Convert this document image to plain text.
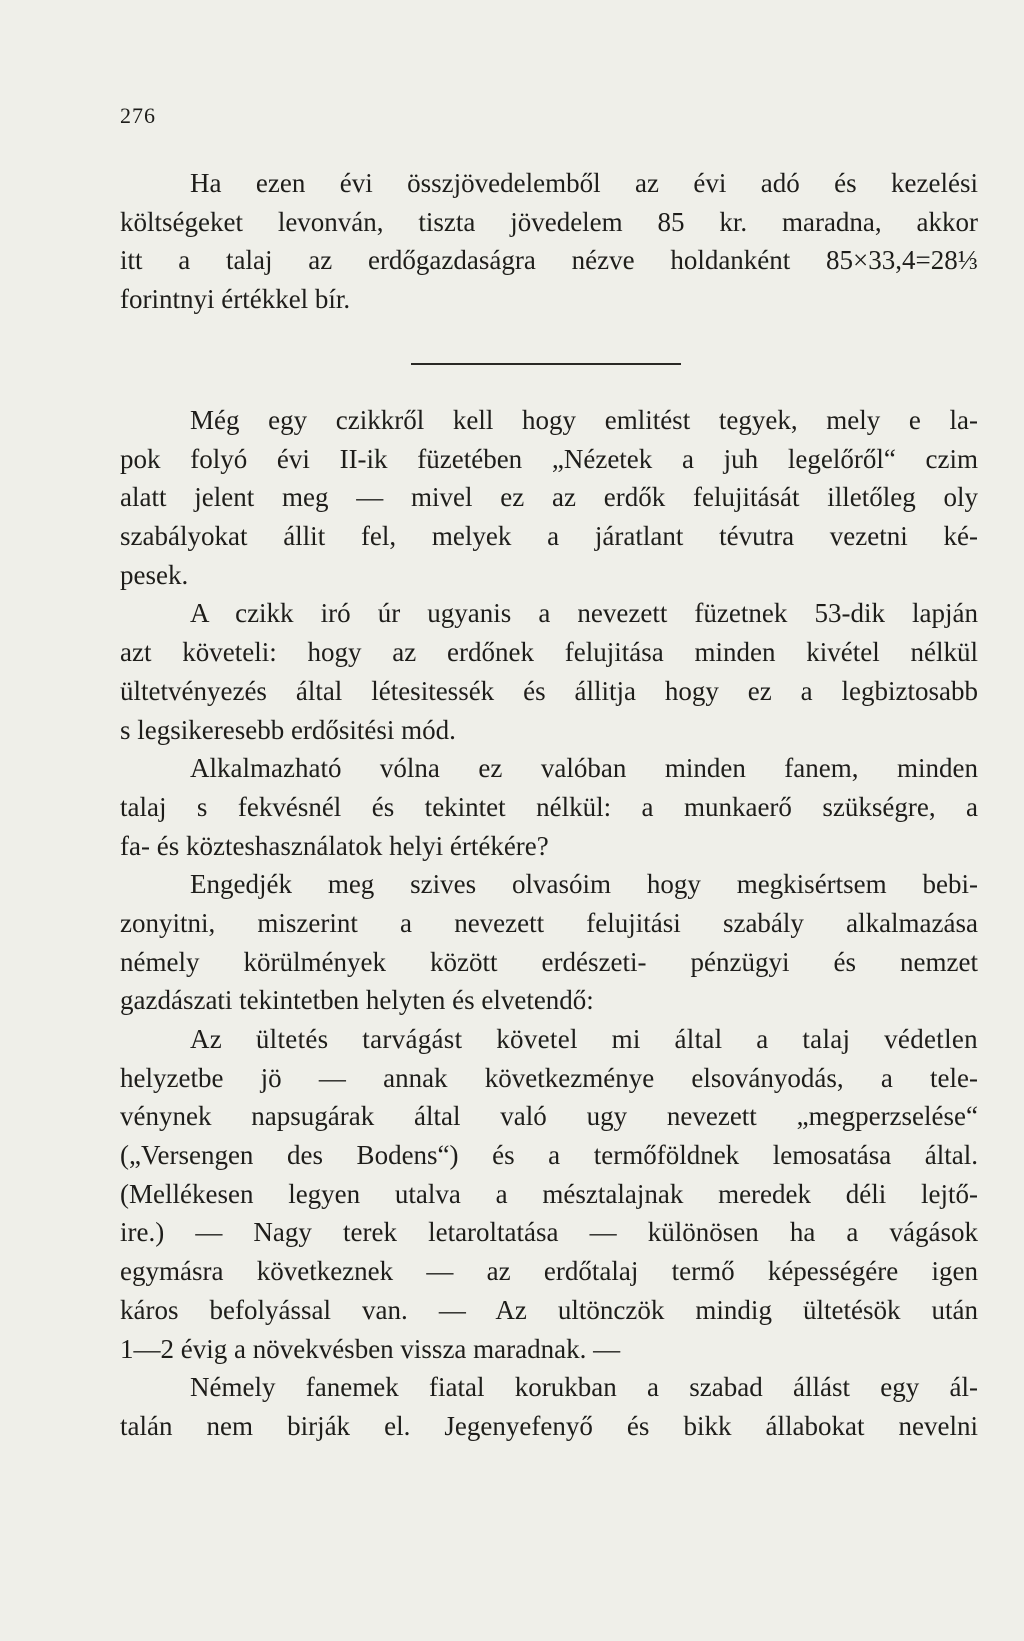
276
Ha ezen évi összjövedelemből az évi adó és kezelési
költségeket levonván, tiszta jövedelem 85 kr. maradna, akkor
itt a talaj az erdőgazdaságra nézve holdanként 85×33,4=28⅓
forintnyi értékkel bír.
Még egy czikkről kell hogy emlitést tegyek, mely e la-
pok folyó évi II-ik füzetében „Nézetek a juh legelőről“ czim
alatt jelent meg — mivel ez az erdők felujitását illetőleg oly
szabályokat állit fel, melyek a járatlant tévutra vezetni ké-
pesek.
A czikk iró úr ugyanis a nevezett füzetnek 53-dik lapján
azt követeli: hogy az erdőnek felujitása minden kivétel nélkül
ültetvényezés által létesitessék és állitja hogy ez a legbiztosabb
s legsikeresebb erdősitési mód.
Alkalmazható vólna ez valóban minden fanem, minden
talaj s fekvésnél és tekintet nélkül: a munkaerő szükségre, a
fa- és közteshasználatok helyi értékére?
Engedjék meg szives olvasóim hogy megkisértsem bebi-
zonyitni, miszerint a nevezett felujitási szabály alkalmazása
némely körülmények között erdészeti- pénzügyi és nemzet
gazdászati tekintetben helyten és elvetendő:
Az ültetés tarvágást követel mi által a talaj védetlen
helyzetbe jö — annak következménye elsoványodás, a tele-
vénynek napsugárak által való ugy nevezett „megperzselése“
(„Versengen des Bodens“) és a termőföldnek lemosatása által.
(Mellékesen legyen utalva a mésztalajnak meredek déli lejtő-
ire.) — Nagy terek letaroltatása — különösen ha a vágások
egymásra következnek — az erdőtalaj termő képességére igen
káros befolyással van. — Az ultönczök mindig ültetésök után
1—2 évig a növekvésben vissza maradnak. —
Némely fanemek fiatal korukban a szabad állást egy ál-
talán nem birják el. Jegenyefenyő és bikk állabokat nevelni
